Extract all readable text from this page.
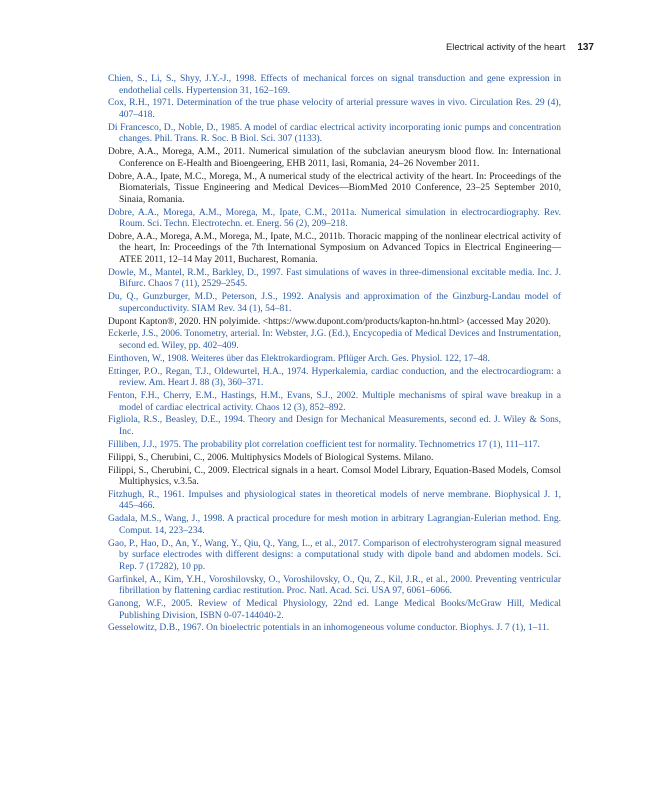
Electrical activity of the heart 137
Chien, S., Li, S., Shyy, J.Y.-J., 1998. Effects of mechanical forces on signal transduction and gene expression in endothelial cells. Hypertension 31, 162–169.
Cox, R.H., 1971. Determination of the true phase velocity of arterial pressure waves in vivo. Circulation Res. 29 (4), 407–418.
Di Francesco, D., Noble, D., 1985. A model of cardiac electrical activity incorporating ionic pumps and concentration changes. Phil. Trans. R. Soc. B Biol. Sci. 307 (1133).
Dobre, A.A., Morega, A.M., 2011. Numerical simulation of the subclavian aneurysm blood flow. In: International Conference on E-Health and Bioengeering, EHB 2011, Iasi, Romania, 24–26 November 2011.
Dobre, A.A., Ipate, M.C., Morega, M., A numerical study of the electrical activity of the heart. In: Proceedings of the Biomaterials, Tissue Engineering and Medical Devices—BiomMed 2010 Conference, 23–25 September 2010, Sinaia, Romania.
Dobre, A.A., Morega, A.M., Morega, M., Ipate, C.M., 2011a. Numerical simulation in electrocardiography. Rev. Roum. Sci. Techn. Electrotechn. et. Energ. 56 (2), 209–218.
Dobre, A.A., Morega, A.M., Morega, M., Ipate, M.C., 2011b. Thoracic mapping of the nonlinear electrical activity of the heart, In: Proceedings of the 7th International Symposium on Advanced Topics in Electrical Engineering—ATEE 2011, 12–14 May 2011, Bucharest, Romania.
Dowle, M., Mantel, R.M., Barkley, D., 1997. Fast simulations of waves in three-dimensional excitable media. Inc. J. Bifurc. Chaos 7 (11), 2529–2545.
Du, Q., Gunzburger, M.D., Peterson, J.S., 1992. Analysis and approximation of the Ginzburg-Landau model of superconductivity. SIAM Rev. 34 (1), 54–81.
Dupont Kapton®, 2020. HN polyimide. <https://www.dupont.com/products/kapton-hn.html> (accessed May 2020).
Eckerle, J.S., 2006. Tonometry, arterial. In: Webster, J.G. (Ed.), Encycopedia of Medical Devices and Instrumentation, second ed. Wiley, pp. 402–409.
Einthoven, W., 1908. Weiteres über das Elektrokardiogram. Pflüger Arch. Ges. Physiol. 122, 17–48.
Ettinger, P.O., Regan, T.J., Oldewurtel, H.A., 1974. Hyperkalemia, cardiac conduction, and the electrocardiogram: a review. Am. Heart J. 88 (3), 360–371.
Fenton, F.H., Cherry, E.M., Hastings, H.M., Evans, S.J., 2002. Multiple mechanisms of spiral wave breakup in a model of cardiac electrical activity. Chaos 12 (3), 852–892.
Figliola, R.S., Beasley, D.E., 1994. Theory and Design for Mechanical Measurements, second ed. J. Wiley & Sons, Inc.
Filliben, J.J., 1975. The probability plot correlation coefficient test for normality. Technometrics 17 (1), 111–117.
Filippi, S., Cherubini, C., 2006. Multiphysics Models of Biological Systems. Milano.
Filippi, S., Cherubini, C., 2009. Electrical signals in a heart. Comsol Model Library, Equation-Based Models, Comsol Multiphysics, v.3.5a.
Fitzhugh, R., 1961. Impulses and physiological states in theoretical models of nerve membrane. Biophysical J. 1, 445–466.
Gadala, M.S., Wang, J., 1998. A practical procedure for mesh motion in arbitrary Lagrangian-Eulerian method. Eng. Comput. 14, 223–234.
Gao, P., Hao, D., An, Y., Wang, Y., Qiu, Q., Yang, L., et al., 2017. Comparison of electrohysterogram signal measured by surface electrodes with different designs: a computational study with dipole band and abdomen models. Sci. Rep. 7 (17282), 10 pp.
Garfinkel, A., Kim, Y.H., Voroshilovsky, O., Voroshilovsky, O., Qu, Z., Kil, J.R., et al., 2000. Preventing ventricular fibrillation by flattening cardiac restitution. Proc. Natl. Acad. Sci. USA 97, 6061–6066.
Ganong, W.F., 2005. Review of Medical Physiology, 22nd ed. Lange Medical Books/McGraw Hill, Medical Publishing Division, ISBN 0-07-144040-2.
Gesselowitz, D.B., 1967. On bioelectric potentials in an inhomogeneous volume conductor. Biophys. J. 7 (1), 1–11.
